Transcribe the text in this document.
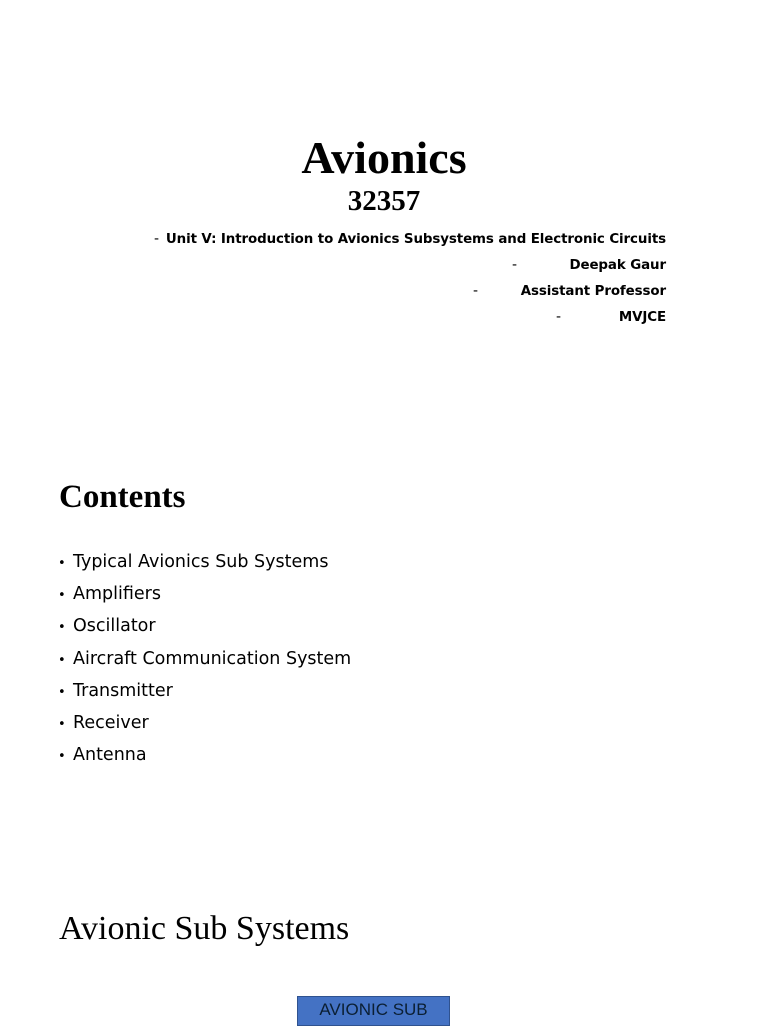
Avionics
32357
- Unit V: Introduction to Avionics Subsystems and Electronic Circuits
-	Deepak Gaur
-	Assistant Professor
-	MVJCE
Contents
• Typical Avionics Sub Systems
• Amplifiers
• Oscillator
• Aircraft Communication System
• Transmitter
• Receiver
• Antenna
Avionic Sub Systems
AVIONIC SUB
